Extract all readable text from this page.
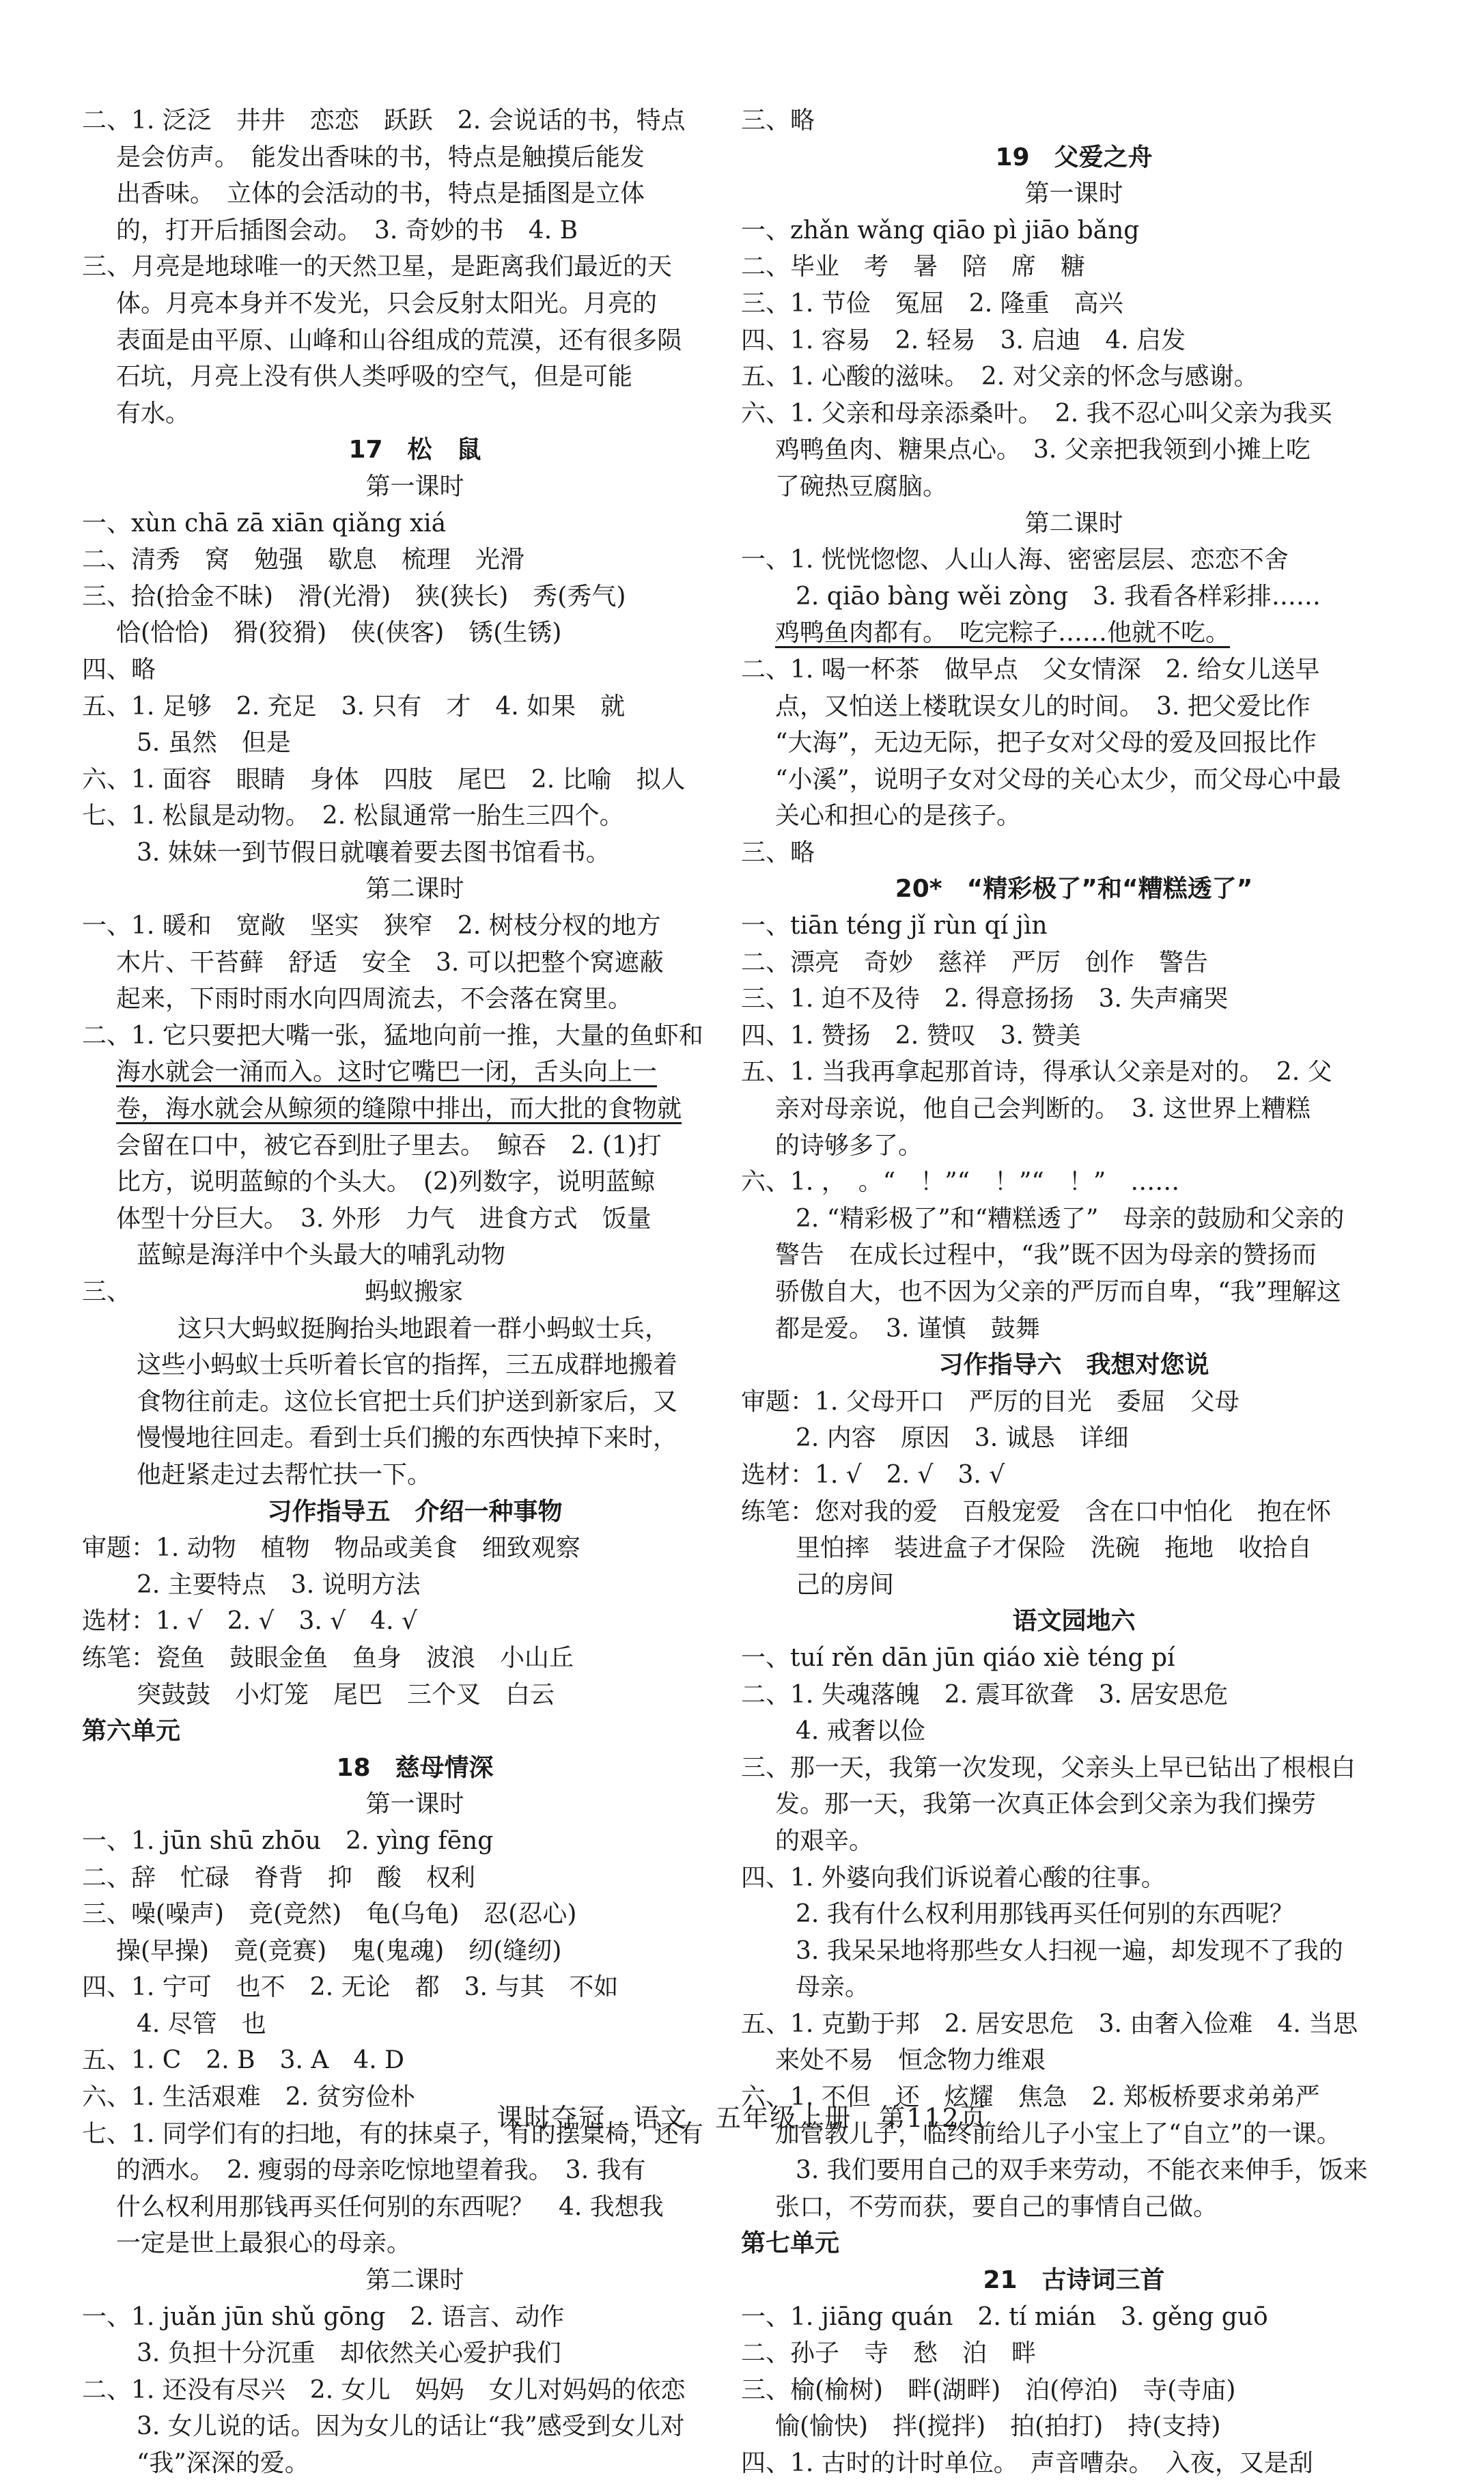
二、1. 泛泛　井井　恋恋　跃跃　2. 会说话的书，特点
是会仿声。　能发出香味的书，特点是触摸后能发
出香味。　立体的会活动的书，特点是插图是立体
的，打开后插图会动。　3. 奇妙的书　4. B
三、月亮是地球唯一的天然卫星，是距离我们最近的天
体。月亮本身并不发光，只会反射太阳光。月亮的
表面是由平原、山峰和山谷组成的荒漠，还有很多陨
石坑，月亮上没有供人类呼吸的空气，但是可能
有水。
17　松　鼠
第一课时
一、xùn chā zā xiān qiǎng xiá
二、清秀　窝　勉强　歇息　梳理　光滑
三、拾(拾金不昧)　滑(光滑)　狭(狭长)　秀(秀气)
恰(恰恰)　猾(狡猾)　侠(侠客)　锈(生锈)
四、略
五、1. 足够　2. 充足　3. 只有　才　4. 如果　就
5. 虽然　但是
六、1. 面容　眼睛　身体　四肢　尾巴　2. 比喻　拟人
七、1. 松鼠是动物。　2. 松鼠通常一胎生三四个。
3. 妹妹一到节假日就嚷着要去图书馆看书。
第二课时
一、1. 暖和　宽敞　坚实　狭窄　2. 树枝分杈的地方
木片、干苔藓　舒适　安全　3. 可以把整个窝遮蔽
起来，下雨时雨水向四周流去，不会落在窝里。
二、1. 它只要把大嘴一张，猛地向前一推，大量的鱼虾和
海水就会一涌而入。这时它嘴巴一闭，舌头向上一
卷，海水就会从鲸须的缝隙中排出，而大批的食物就
会留在口中，被它吞到肚子里去。　鲸吞　2. (1)打
比方，说明蓝鲸的个头大。　(2)列数字，说明蓝鲸
体型十分巨大。　3. 外形　力气　进食方式　饭量
蓝鲸是海洋中个头最大的哺乳动物
三、　　　　　　　　　　蚂蚁搬家
这只大蚂蚁挺胸抬头地跟着一群小蚂蚁士兵，
这些小蚂蚁士兵听着长官的指挥，三五成群地搬着
食物往前走。这位长官把士兵们护送到新家后，又
慢慢地往回走。看到士兵们搬的东西快掉下来时，
他赶紧走过去帮忙扶一下。
习作指导五　介绍一种事物
审题：1. 动物　植物　物品或美食　细致观察
2. 主要特点　3. 说明方法
选材：1. √　2. √　3. √　4. √
练笔：瓷鱼　鼓眼金鱼　鱼身　波浪　小山丘
突鼓鼓　小灯笼　尾巴　三个叉　白云
第六单元
18　慈母情深
第一课时
一、1. jūn shū zhōu　2. yìng fēng
二、辞　忙碌　脊背　抑　酸　权利
三、噪(噪声)　竞(竞然)　龟(乌龟)　忍(忍心)
操(早操)　竟(竞赛)　鬼(鬼魂)　纫(缝纫)
四、1. 宁可　也不　2. 无论　都　3. 与其　不如
4. 尽管　也
五、1. C　2. B　3. A　4. D
六、1. 生活艰难　2. 贫穷俭朴
七、1. 同学们有的扫地，有的抹桌子，有的摆桌椅，还有
的洒水。　2. 瘦弱的母亲吃惊地望着我。　3. 我有
什么权利用那钱再买任何别的东西呢？　4. 我想我
一定是世上最狠心的母亲。
第二课时
一、1. juǎn jūn shǔ gōng　2. 语言、动作
3. 负担十分沉重　却依然关心爱护我们
二、1. 还没有尽兴　2. 女儿　妈妈　女儿对妈妈的依恋
3. 女儿说的话。因为女儿的话让“我”感受到女儿对
“我”深深的爱。
三、略
19　父爱之舟
第一课时
一、zhǎn wǎng qiāo pì jiāo bǎng
二、毕业　考　暑　陪　席　糖
三、1. 节俭　冤屈　2. 隆重　高兴
四、1. 容易　2. 轻易　3. 启迪　4. 启发
五、1. 心酸的滋味。　2. 对父亲的怀念与感谢。
六、1. 父亲和母亲添桑叶。　2. 我不忍心叫父亲为我买
鸡鸭鱼肉、糖果点心。　3. 父亲把我领到小摊上吃
了碗热豆腐脑。
第二课时
一、1. 恍恍惚惚、人山人海、密密层层、恋恋不舍
2. qiāo bàng wěi zòng　3. 我看各样彩排……
鸡鸭鱼肉都有。　吃完粽子……他就不吃。
二、1. 喝一杯茶　做早点　父女情深　2. 给女儿送早
点，又怕送上楼耽误女儿的时间。　3. 把父爱比作
“大海”，无边无际，把子女对父母的爱及回报比作
“小溪”，说明子女对父母的关心太少，而父母心中最
关心和担心的是孩子。
三、略
20*　“精彩极了”和“糟糕透了”
一、tiān téng jǐ rùn qí jìn
二、漂亮　奇妙　慈祥　严厉　创作　警告
三、1. 迫不及待　2. 得意扬扬　3. 失声痛哭
四、1. 赞扬　2. 赞叹　3. 赞美
五、1. 当我再拿起那首诗，得承认父亲是对的。　2. 父
亲对母亲说，他自己会判断的。　3. 这世界上糟糕
的诗够多了。
六、1. ，　。“　！”“　！”“　！”　……
2. “精彩极了”和“糟糕透了”　母亲的鼓励和父亲的
警告　在成长过程中，“我”既不因为母亲的赞扬而
骄傲自大，也不因为父亲的严厉而自卑，“我”理解这
都是爱。　3. 谨慎　鼓舞
习作指导六　我想对您说
审题：1. 父母开口　严厉的目光　委屈　父母
2. 内容　原因　3. 诚恳　详细
选材：1. √　2. √　3. √
练笔：您对我的爱　百般宠爱　含在口中怕化　抱在怀
里怕摔　装进盒子才保险　洗碗　拖地　收拾自
己的房间
语文园地六
一、tuí rěn dān jūn qiáo xiè téng pí
二、1. 失魂落魄　2. 震耳欲聋　3. 居安思危
4. 戒奢以俭
三、那一天，我第一次发现，父亲头上早已钻出了根根白
发。那一天，我第一次真正体会到父亲为我们操劳
的艰辛。
四、1. 外婆向我们诉说着心酸的往事。
2. 我有什么权利用那钱再买任何别的东西呢？
3. 我呆呆地将那些女人扫视一遍，却发现不了我的
母亲。
五、1. 克勤于邦　2. 居安思危　3. 由奢入俭难　4. 当思
来处不易　恒念物力维艰
六、1. 不但　还　炫耀　焦急　2. 郑板桥要求弟弟严
加管教儿子，临终前给儿子小宝上了“自立”的一课。
3. 我们要用自己的双手来劳动，不能衣来伸手，饭来
张口，不劳而获，要自己的事情自己做。
第七单元
21　古诗词三首
一、1. jiāng quán　2. tí mián　3. gěng guō
二、孙子　寺　愁　泊　畔
三、榆(榆树)　畔(湖畔)　泊(停泊)　寺(寺庙)
愉(愉快)　拌(搅拌)　拍(拍打)　持(支持)
四、1. 古时的计时单位。　声音嘈杂。　入夜，又是刮
课时夺冠　语文　五年级上册　第112页
